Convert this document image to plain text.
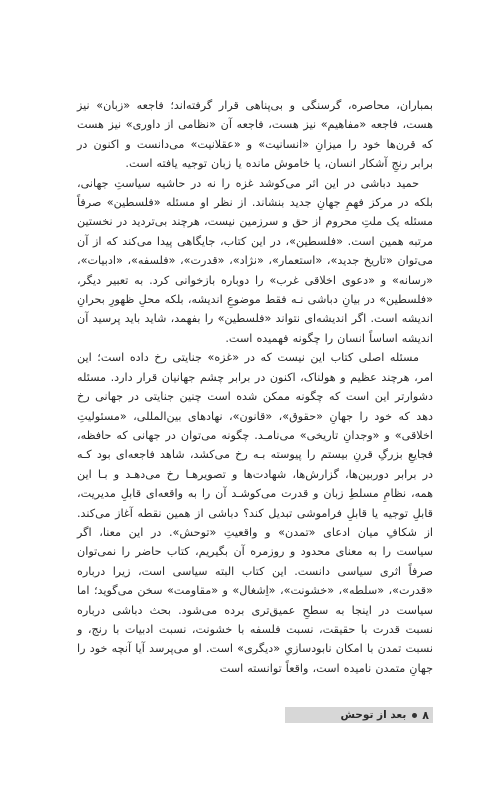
بمباران، محاصره، گرسنگی و بی‌پناهی قرار گرفته‌اند؛ فاجعه «زبان» نیز هست، فاجعه «مفاهیم» نیز هست، فاجعه آن «نظامی از داوری» نیز هست که قرن‌ها خود را میزانِ «انسانیت» و «عقلانیت» می‌دانست و اکنون در برابر رنجِ آشکار انسان، یا خاموش مانده یا زبان توجیه یافته است.

حمید دباشی در این اثر می‌کوشد غزه را نه در حاشیه سیاستِ جهانی، بلکه در مرکز فهمِ جهانِ جدید بنشاند. از نظر او مسئله «فلسطین» صرفاً مسئله یک ملتِ محروم از حق و سرزمین نیست، هرچند بی‌تردید در نخستین مرتبه همین است. «فلسطین»، در این کتاب، جایگاهی پیدا می‌کند که از آن می‌توان «تاریخ جدید»، «استعمار»، «نژاد»، «قدرت»، «فلسفه»، «ادبیات»، «رسانه» و «دعوی اخلاقی غرب» را دوباره بازخوانی کرد. به تعبیر دیگر، «فلسطین» در بیانِ دباشی نـه فقط موضوعِ اندیشه، بلکه محلِ ظهورِ بحرانِ اندیشه است. اگر اندیشه‌ای نتواند «فلسطین» را بفهمد، شاید باید پرسید آن اندیشه اساساً انسان را چگونه فهمیده است.

مسئله اصلی کتاب این نیست که در «غزه» جنایتی رخ داده است؛ این امر، هرچند عظیم و هولناک، اکنون در برابر چشم جهانیان قرار دارد. مسئله دشوارتر این است که چگونه ممکن شده است چنین جنایتی در جهانی رخ دهد که خود را جهانِ «حقوق»، «قانون»، نهادهای بین‌المللی، «مسئولیتِ اخلاقی» و «وجدانِ تاریخی» می‌نامـد. چگونه می‌توان در جهانی که حافظه، فجایعِ بزرگِ قرنِ بیستم را پیوسته بـه رخ می‌کشد، شاهد فاجعه‌ای بود کـه در برابر دوربین‌ها، گزارش‌ها، شهادت‌ها و تصویرهـا رخ می‌دهـد و بـا این همه، نظامِ مسلطِ زبان و قدرت می‌کوشـد آن را به واقعه‌ای قابلِ مدیریت، قابلِ توجیه یا قابلِ فراموشی تبدیل کند؟ دباشی از همین نقطه آغاز می‌کند. از شکافِ میان ادعای «تمدن» و واقعیتِ «توحش». در این معنا، اگر سیاست را به معنای محدود و روزمره آن بگیریم، کتاب حاضر را نمی‌توان صرفاً اثری سیاسی دانست. این کتاب البته سیاسی است، زیرا درباره «قدرت»، «سلطه»، «خشونت»، «اِشغال» و «مقاومت» سخن می‌گوید؛ اما سیاست در اینجا به سطحِ عمیق‌تری برده می‌شود. بحث دباشی درباره نسبت قدرت با حقیقت، نسبت فلسفه با خشونت، نسبت ادبیات با رنج، و نسبت تمدن با امکان نابودسازیِ «دیگری» است. او می‌پرسد آیا آنچه خود را جهانِ متمدن نامیده است، واقعاً توانسته است

۸
بعد از توحش
